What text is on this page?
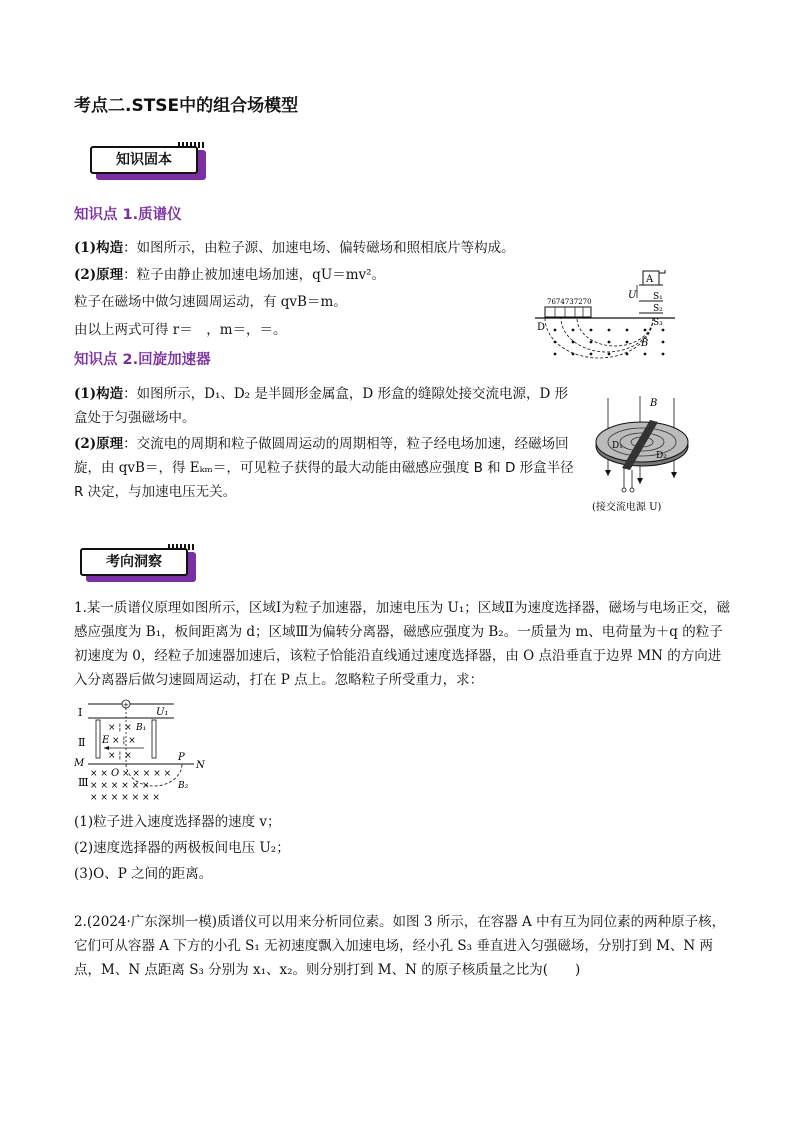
考点二.STSE中的组合场模型
知识固本
知识点 1.质谱仪
(1)构造：如图所示，由粒子源、加速电场、偏转磁场和照相底片等构成。
(2)原理：粒子由静止被加速电场加速，qU＝mv²。
粒子在磁场中做匀速圆周运动，有 qvB＝m。
由以上两式可得 r＝　，m＝，＝。
A
U S₁
S₂
S₃
7674737270
D
B
知识点 2.回旋加速器
(1)构造：如图所示，D₁、D₂ 是半圆形金属盒，D 形盒的缝隙处接交流电源，D 形盒处于匀强磁场中。
(2)原理：交流电的周期和粒子做圆周运动的周期相等，粒子经电场加速，经磁场回旋，由 qvB＝，得 Eₖₘ＝，可见粒子获得的最大动能由磁感应强度 B 和 D 形盒半径 R 决定，与加速电压无关。
B
D₁
D₂
(接交流电源 U)
考向洞察
1.某一质谱仪原理如图所示，区域Ⅰ为粒子加速器，加速电压为 U₁；区域Ⅱ为速度选择器，磁场与电场正交，磁感应强度为 B₁，板间距离为 d；区域Ⅲ为偏转分离器，磁感应强度为 B₂。一质量为 m、电荷量为＋q 的粒子初速度为 0，经粒子加速器加速后，该粒子恰能沿直线通过速度选择器，由 O 点沿垂直于边界 MN 的方向进入分离器后做匀速圆周运动，打在 P 点上。忽略粒子所受重力，求：
Ⅰ
+
U₁
Ⅱ
× ¦ × B₁
E × ¦ ×
× ¦ ×
M
P
N
Ⅲ
× × O × × × × ×
× × × × × ×	B₂
× × × × × × ×
(1)粒子进入速度选择器的速度 v；
(2)速度选择器的两极板间电压 U₂；
(3)O、P 之间的距离。
2.(2024·广东深圳一模)质谱仪可以用来分析同位素。如图 3 所示，在容器 A 中有互为同位素的两种原子核，它们可从容器 A 下方的小孔 S₁ 无初速度飘入加速电场，经小孔 S₃ 垂直进入匀强磁场，分别打到 M、N 两点，M、N 点距离 S₃ 分别为 x₁、x₂。则分别打到 M、N 的原子核质量之比为(　　)
